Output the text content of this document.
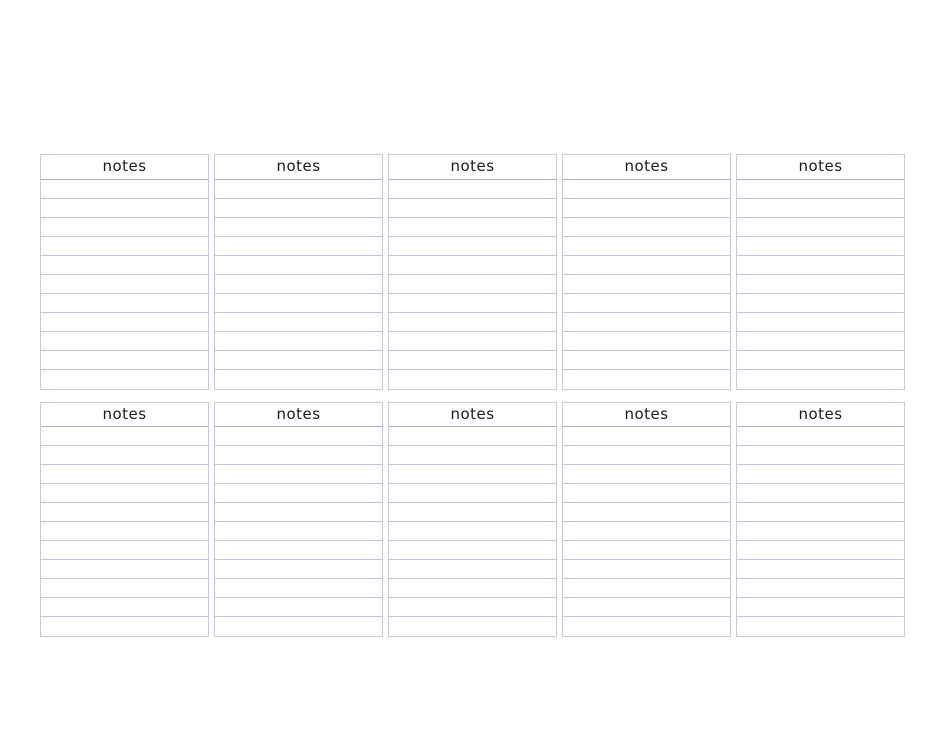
notes	notes	notes	notes	notes
notes	notes	notes	notes	notes
